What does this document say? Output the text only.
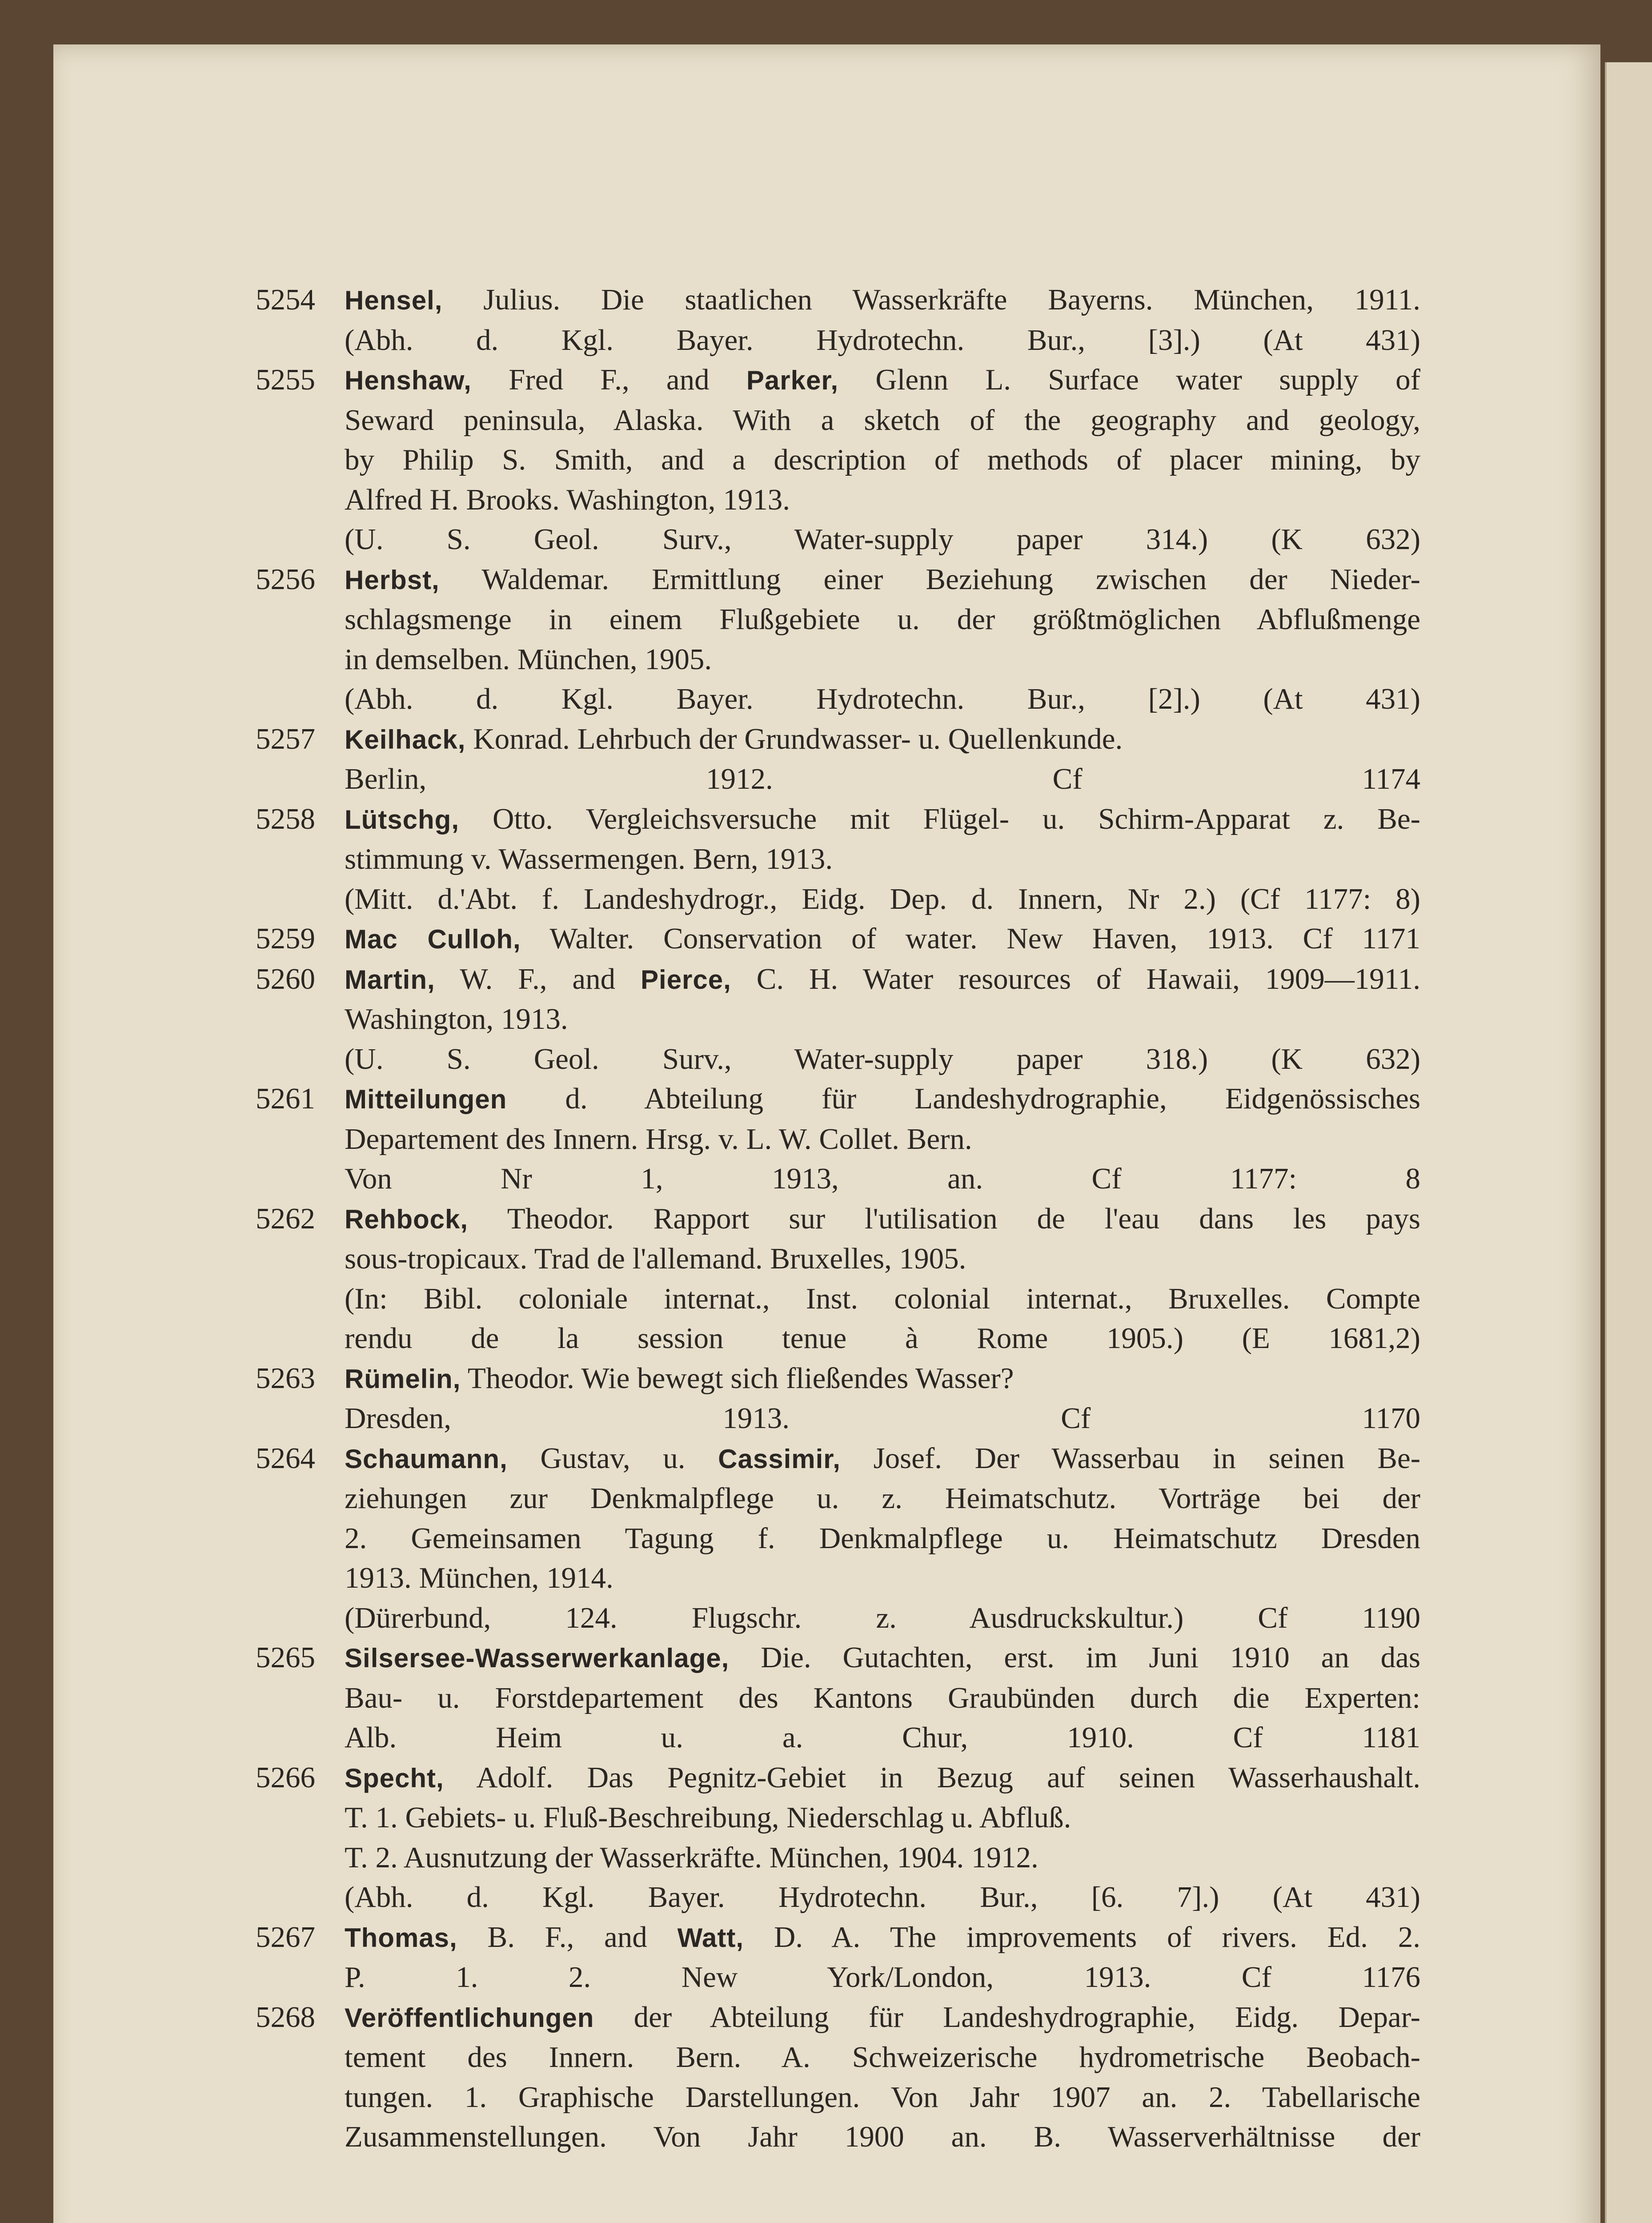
5254	Hensel, Julius. Die staatlichen Wasserkräfte Bayerns. München, 1911.
(Abh. d. Kgl. Bayer. Hydrotechn. Bur., [3].) (At 431)
5255	Henshaw, Fred F., and Parker, Glenn L. Surface water supply of
Seward peninsula, Alaska. With a sketch of the geography and geology,
by Philip S. Smith, and a description of methods of placer mining, by
Alfred H. Brooks. Washington, 1913.
(U. S. Geol. Surv., Water-supply paper 314.) (K 632)
5256	Herbst, Waldemar. Ermittlung einer Beziehung zwischen der Nieder-
schlagsmenge in einem Flußgebiete u. der größtmöglichen Abflußmenge
in demselben. München, 1905.
(Abh. d. Kgl. Bayer. Hydrotechn. Bur., [2].) (At 431)
5257	Keilhack, Konrad. Lehrbuch der Grundwasser- u. Quellenkunde.
Berlin, 1912. Cf 1174
5258	Lütschg, Otto. Vergleichsversuche mit Flügel- u. Schirm-Apparat z. Be-
stimmung v. Wassermengen. Bern, 1913.
(Mitt. d.'Abt. f. Landeshydrogr., Eidg. Dep. d. Innern, Nr 2.) (Cf 1177: 8)
5259	Mac Culloh, Walter. Conservation of water. New Haven, 1913. Cf 1171
5260	Martin, W. F., and Pierce, C. H. Water resources of Hawaii, 1909—1911.
Washington, 1913.
(U. S. Geol. Surv., Water-supply paper 318.) (K 632)
5261	Mitteilungen d. Abteilung für Landeshydrographie, Eidgenössisches
Departement des Innern. Hrsg. v. L. W. Collet. Bern.
Von Nr 1, 1913, an. Cf 1177: 8
5262	Rehbock, Theodor. Rapport sur l'utilisation de l'eau dans les pays
sous-tropicaux. Trad de l'allemand. Bruxelles, 1905.
(In: Bibl. coloniale internat., Inst. colonial internat., Bruxelles. Compte
rendu de la session tenue à Rome 1905.) (E 1681,2)
5263	Rümelin, Theodor. Wie bewegt sich fließendes Wasser?
Dresden, 1913. Cf 1170
5264	Schaumann, Gustav, u. Cassimir, Josef. Der Wasserbau in seinen Be-
ziehungen zur Denkmalpflege u. z. Heimatschutz. Vorträge bei der
2. Gemeinsamen Tagung f. Denkmalpflege u. Heimatschutz Dresden
1913. München, 1914.
(Dürerbund, 124. Flugschr. z. Ausdruckskultur.) Cf 1190
5265	Silsersee-Wasserwerkanlage, Die. Gutachten, erst. im Juni 1910 an das
Bau- u. Forstdepartement des Kantons Graubünden durch die Experten:
Alb. Heim u. a. Chur, 1910. Cf 1181
5266	Specht, Adolf. Das Pegnitz-Gebiet in Bezug auf seinen Wasserhaushalt.
T. 1. Gebiets- u. Fluß-Beschreibung, Niederschlag u. Abfluß.
T. 2. Ausnutzung der Wasserkräfte. München, 1904. 1912.
(Abh. d. Kgl. Bayer. Hydrotechn. Bur., [6. 7].) (At 431)
5267	Thomas, B. F., and Watt, D. A. The improvements of rivers. Ed. 2.
P. 1. 2. New York/London, 1913. Cf 1176
5268	Veröffentlichungen der Abteilung für Landeshydrographie, Eidg. Depar-
tement des Innern. Bern. A. Schweizerische hydrometrische Beobach-
tungen. 1. Graphische Darstellungen. Von Jahr 1907 an. 2. Tabellarische
Zusammenstellungen. Von Jahr 1900 an. B. Wasserverhältnisse der
